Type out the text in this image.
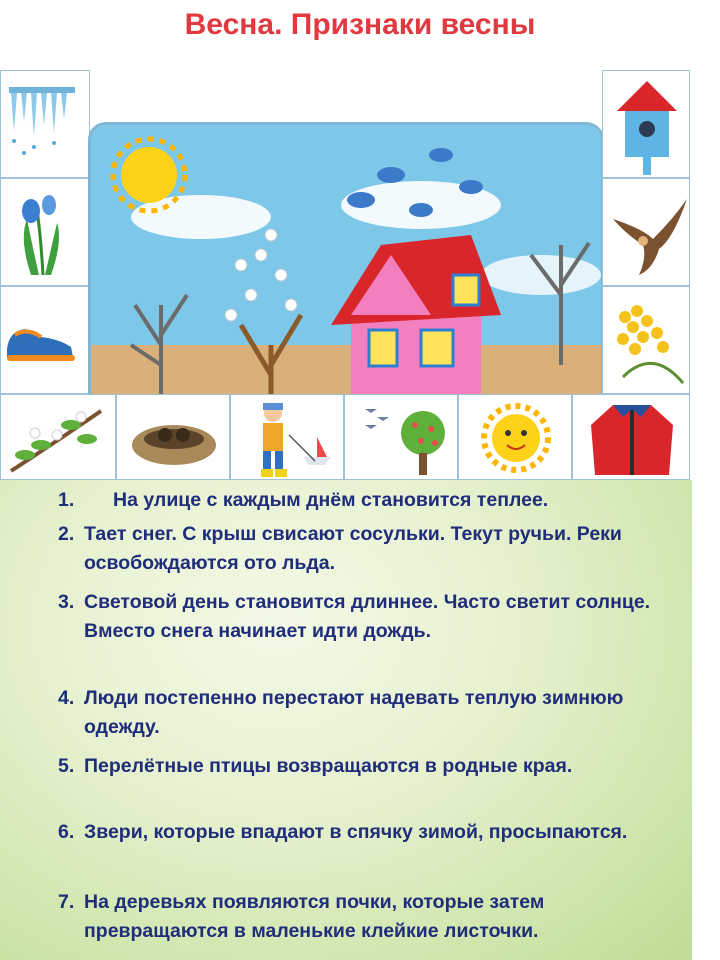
Весна. Признаки весны
1.	На улице с каждым днём становится теплее.
2. Тает снег. С крыш свисают сосульки. Текут ручьи. Реки освобождаются ото льда.
3. Световой день становится длиннее. Часто светит солнце. Вместо снега начинает идти дождь.
4. Люди постепенно перестают надевать теплую зимнюю одежду.
5. Перелётные птицы возвращаются в родные края.
6. Звери, которые впадают в спячку зимой, просыпаются.
7. На деревьях появляются почки, которые затем превращаются в маленькие клейкие листочки.
